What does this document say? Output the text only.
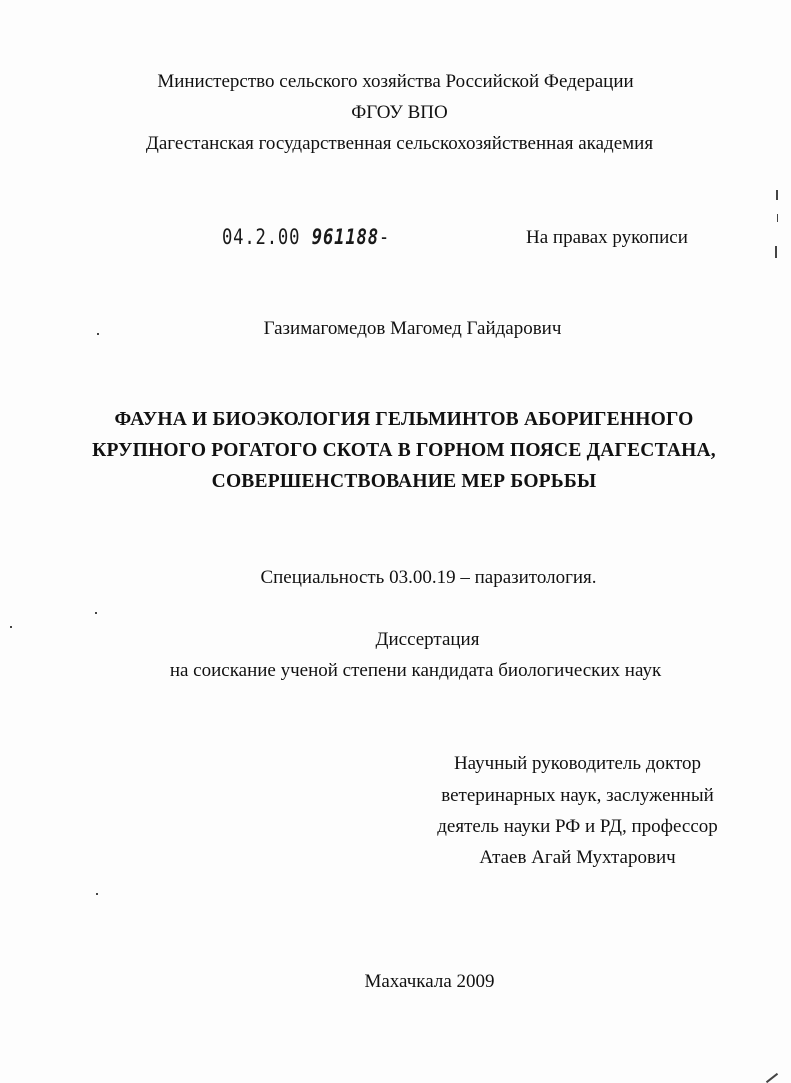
Министерство сельского хозяйства Российской Федерации
ФГОУ ВПО
Дагестанская государственная сельскохозяйственная академия
04.2.00 961188-	На правах рукописи
Газимагомедов Магомед Гайдарович
ФАУНА И БИОЭКОЛОГИЯ ГЕЛЬМИНТОВ АБОРИГЕННОГО
КРУПНОГО РОГАТОГО СКОТА В ГОРНОМ ПОЯСЕ ДАГЕСТАНА,
СОВЕРШЕНСТВОВАНИЕ МЕР БОРЬБЫ
Специальность 03.00.19 – паразитология.
Диссертация
на соискание ученой степени кандидата биологических наук
Научный руководитель доктор
ветеринарных наук, заслуженный
деятель науки РФ и РД, профессор
Атаев Агай Мухтарович
Махачкала 2009
